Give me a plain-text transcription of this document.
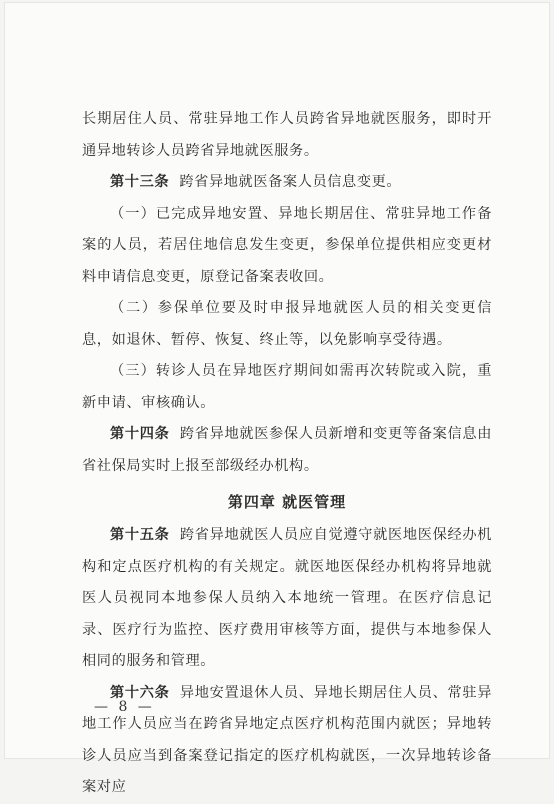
长期居住人员、常驻异地工作人员跨省异地就医服务，即时开通异地转诊人员跨省异地就医服务。

第十三条 跨省异地就医备案人员信息变更。

（一）已完成异地安置、异地长期居住、常驻异地工作备案的人员，若居住地信息发生变更，参保单位提供相应变更材料申请信息变更，原登记备案表收回。

（二）参保单位要及时申报异地就医人员的相关变更信息，如退休、暂停、恢复、终止等，以免影响享受待遇。

（三）转诊人员在异地医疗期间如需再次转院或入院，重新申请、审核确认。

第十四条 跨省异地就医参保人员新增和变更等备案信息由省社保局实时上报至部级经办机构。

第四章 就医管理

第十五条 跨省异地就医人员应自觉遵守就医地医保经办机构和定点医疗机构的有关规定。就医地医保经办机构将异地就医人员视同本地参保人员纳入本地统一管理。在医疗信息记录、医疗行为监控、医疗费用审核等方面，提供与本地参保人相同的服务和管理。

第十六条 异地安置退休人员、异地长期居住人员、常驻异地工作人员应当在跨省异地定点医疗机构范围内就医；异地转诊人员应当到备案登记指定的医疗机构就医，一次异地转诊备案对应

— 8 —
